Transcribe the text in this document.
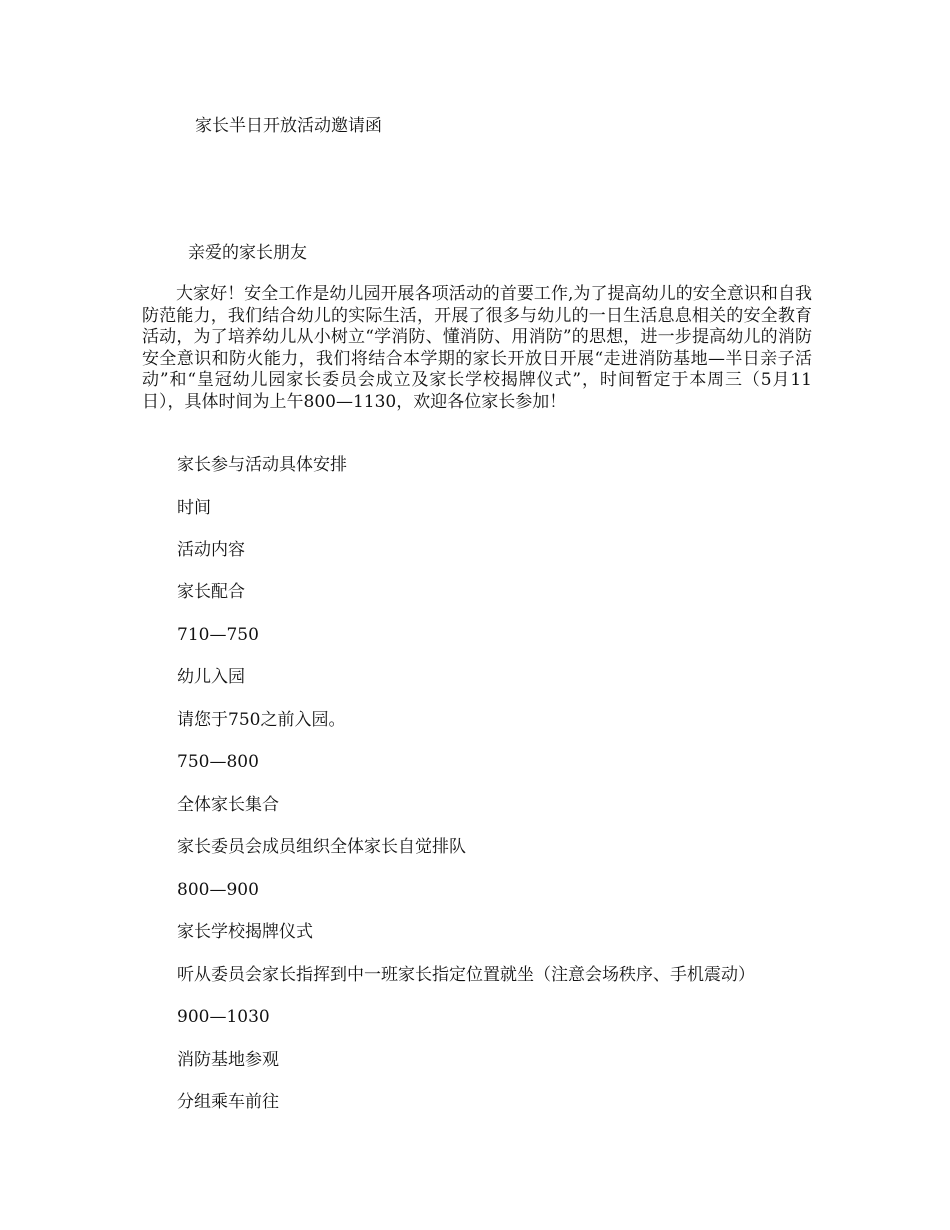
家长半日开放活动邀请函

亲爱的家长朋友

大家好！安全工作是幼儿园开展各项活动的首要工作,为了提高幼儿的安全意识和自我防范能力，我们结合幼儿的实际生活，开展了很多与幼儿的一日生活息息相关的安全教育活动，为了培养幼儿从小树立“学消防、懂消防、用消防”的思想，进一步提高幼儿的消防安全意识和防火能力，我们将结合本学期的家长开放日开展“走进消防基地—半日亲子活动”和“皇冠幼儿园家长委员会成立及家长学校揭牌仪式”，时间暂定于本周三（5月11日），具体时间为上午800—1130，欢迎各位家长参加！

家长参与活动具体安排

时间

活动内容

家长配合

710—750

幼儿入园

请您于750之前入园。

750—800

全体家长集合

家长委员会成员组织全体家长自觉排队

800—900

家长学校揭牌仪式

听从委员会家长指挥到中一班家长指定位置就坐（注意会场秩序、手机震动）

900—1030

消防基地参观

分组乘车前往
